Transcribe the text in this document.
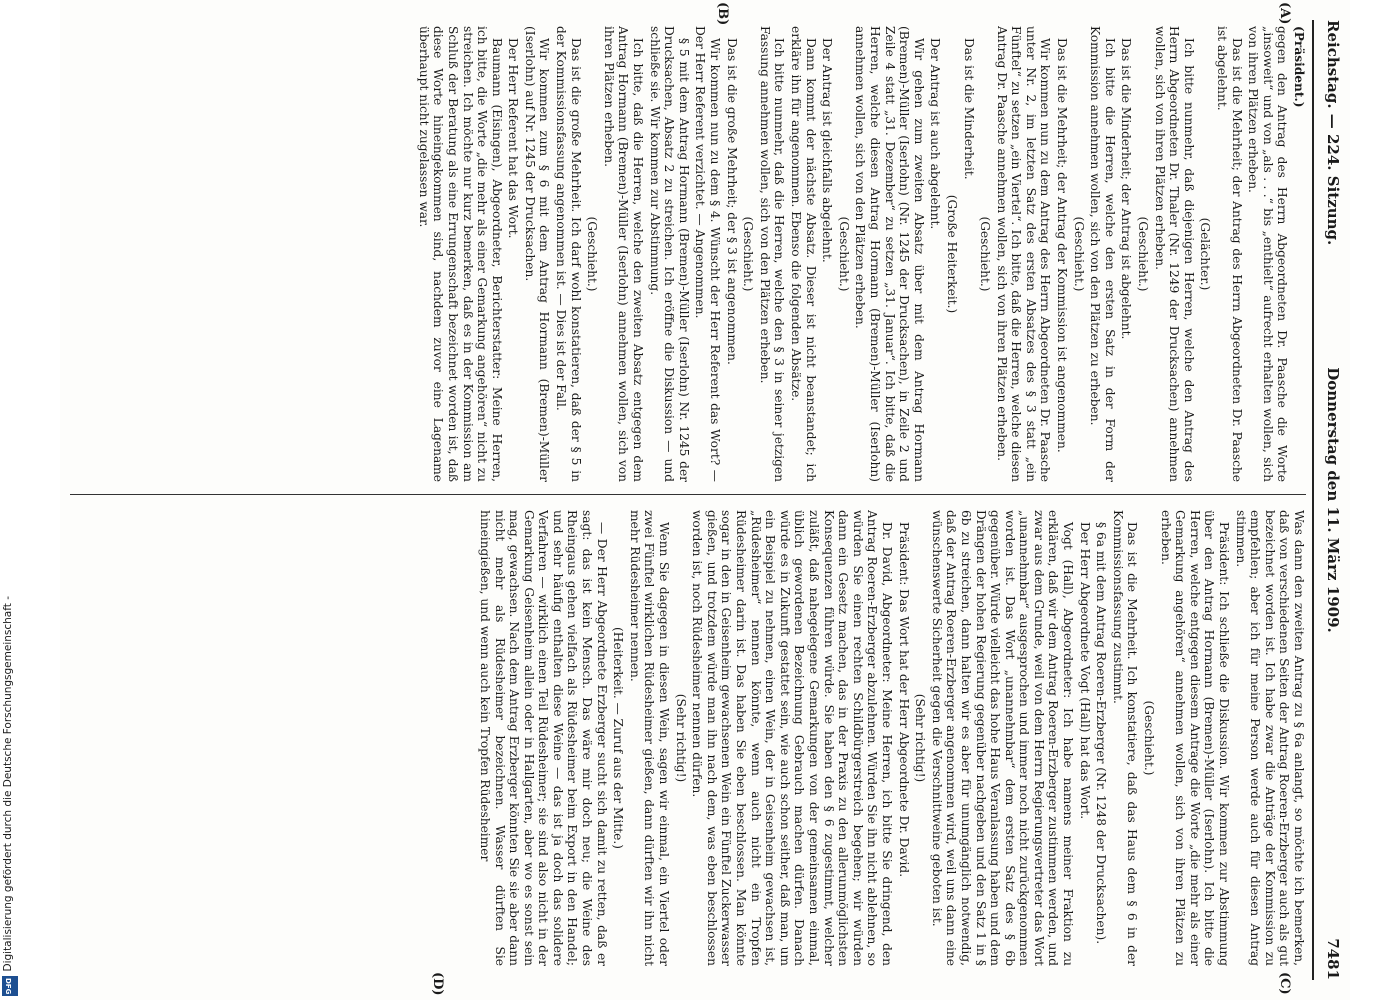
Reichstag. — 224. Sitzung.
Donnerstag den 11. März 1909.
7481
(A)
(B)
(C)
(D)

(Präsident.)

gegen den Antrag des Herrn Abgeordneten Dr. Paasche die Worte „insoweit“ und von „als . . .“ bis „enthielt“ aufrecht erhalten wollen, sich von ihren Plätzen erheben.

Das ist die Mehrheit; der Antrag des Herrn Abgeordneten Dr. Paasche ist abgelehnt.

(Gelächter.)

Ich bitte nunmehr, daß diejenigen Herren, welche den Antrag des Herrn Abgeordneten Dr. Thaler (Nr. 1249 der Drucksachen) annehmen wollen, sich von ihren Plätzen erheben.

(Geschieht.)

Das ist die Minderheit; der Antrag ist abgelehnt.

Ich bitte die Herren, welche den ersten Satz in der Form der Kommission annehmen wollen, sich von den Plätzen zu erheben.

(Geschieht.)

Das ist die Mehrheit; der Antrag der Kommission ist angenommen.

Wir kommen nun zu dem Antrag des Herrn Abgeordneten Dr. Paasche unter Nr. 2, im letzten Satz des ersten Absatzes des § 3 statt „ein Fünftel“ zu setzen „ein Viertel“. Ich bitte, daß die Herren, welche diesen Antrag Dr. Paasche annehmen wollen, sich von ihren Plätzen erheben.

(Geschieht.)

Das ist die Minderheit.

(Große Heiterkeit.)

Der Antrag ist auch abgelehnt.

Wir gehen zum zweiten Absatz über mit dem Antrag Hormann (Bremen)-Müller (Iserlohn) (Nr. 1245 der Drucksachen), in Zeile 2 und Zeile 4 statt „31. Dezember“ zu setzen „31. Januar“. Ich bitte, daß die Herren, welche diesen Antrag Hormann (Bremen)-Müller (Iserlohn) annehmen wollen, sich von den Plätzen erheben.

(Geschieht.)

Der Antrag ist gleichfalls abgelehnt.

Dann kommt der nächste Absatz. Dieser ist nicht beanstandet; ich erkläre ihn für angenommen. Ebenso die folgenden Absätze.

Ich bitte nunmehr, daß die Herren, welche den § 3 in seiner jetzigen Fassung annehmen wollen, sich von den Plätzen erheben.

(Geschieht.)

Das ist die große Mehrheit; der § 3 ist angenommen.

Wir kommen nun zu dem § 4. Wünscht der Herr Referent das Wort? — Der Herr Referent verzichtet. — Angenommen.

§ 5 mit dem Antrag Hormann (Bremen)-Müller (Iserlohn) Nr. 1245 der Drucksachen, Absatz 2 zu streichen. Ich eröffne die Diskussion — und schließe sie. Wir kommen zur Abstimmung.

Ich bitte, daß die Herren, welche den zweiten Absatz entgegen dem Antrag Hormann (Bremen)-Müller (Iserlohn) annehmen wollen, sich von ihren Plätzen erheben.

(Geschieht.)

Das ist die große Mehrheit. Ich darf wohl konstatieren, daß der § 5 in der Kommissionsfassung angenommen ist. — Dies ist der Fall.

Wir kommen zum § 6 mit dem Antrag Hormann (Bremen)-Müller (Iserlohn) auf Nr. 1245 der Drucksachen.

Der Herr Referent hat das Wort.

Baumann (Eisingen), Abgeordneter, Berichterstatter: Meine Herren, ich bitte, die Worte „die mehr als einer Gemarkung angehören“ nicht zu streichen. Ich möchte nur kurz bemerken, daß es in der Kommission am Schluß der Beratung als eine Errungenschaft bezeichnet worden ist, daß diese Worte hineingekommen sind, nachdem zuvor eine Lagename überhaupt nicht zugelassen war.

Was dann den zweiten Antrag zu § 6a anlangt, so möchte ich bemerken, daß von verschiedenen Seiten der Antrag Roeren-Erzberger auch als gut bezeichnet worden ist. Ich habe zwar die Anträge der Kommission zu empfehlen; aber ich für meine Person werde auch für diesen Antrag stimmen.

Präsident: Ich schließe die Diskussion. Wir kommen zur Abstimmung über den Antrag Hormann (Bremen)-Müller (Iserlohn). Ich bitte die Herren, welche entgegen diesem Antrage die Worte „die mehr als einer Gemarkung angehören“ annehmen wollen, sich von ihren Plätzen zu erheben.

(Geschieht.)

Das ist die Mehrheit. Ich konstatiere, daß das Haus dem § 6 in der Kommissionsfassung zustimmt.

§ 6a mit dem Antrag Roeren-Erzberger (Nr. 1248 der Drucksachen).

Der Herr Abgeordnete Vogt (Hall) hat das Wort.

Vogt (Hall), Abgeordneter: Ich habe namens meiner Fraktion zu erklären, daß wir dem Antrag Roeren-Erzberger zustimmen werden, und zwar aus dem Grunde, weil von dem Herrn Regierungsvertreter das Wort „unannehmbar“ ausgesprochen und immer noch nicht zurückgenommen worden ist. Das Wort „unannehmbar“ dem ersten Satz des § 6b gegenüber. Würde vielleicht das hohe Haus Veranlassung haben und dem Drängen der hohen Regierung gegenüber nachgeben und den Satz 1 in § 6b zu streichen, dann halten wir es aber für unumgänglich notwendig, daß der Antrag Roeren-Erzberger angenommen wird, weil uns dann eine wünschenswerte Sicherheit gegen die Verschnittweine geboten ist.

(Sehr richtig!)

Präsident: Das Wort hat der Herr Abgeordnete Dr. David.

Dr. David, Abgeordneter: Meine Herren, ich bitte Sie dringend, den Antrag Roeren-Erzberger abzulehnen. Würden Sie ihn nicht ablehnen, so würden Sie einen rechten Schildbürgerstreich begehen; wir würden dann ein Gesetz machen, das in der Praxis zu den allerunmöglichsten Konsequenzen führen würde. Sie haben den § 6 zugestimmt, welcher zuläßt, daß nahegelegene Gemarkungen von der gemeinsamen einmal, üblich gewordenen Bezeichnung Gebrauch machen dürfen. Danach würde es in Zukunft gestattet sein, wie auch schon seither, daß man, um ein Beispiel zu nehmen, einen Wein, der in Geisenheim gewachsen ist, „Rüdesheimer“ nennen könnte, wenn auch nicht ein Tropfen Rüdesheimer darin ist. Das haben Sie eben beschlossen. Man könnte sogar in den in Geisenheim gewachsenen Wein ein Fünftel Zuckerwasser gießen, und trotzdem würde man ihn nach dem, was eben beschlossen worden ist, noch Rüdesheimer nennen dürfen.

(Sehr richtig!)

Wenn Sie dagegen in diesen Wein, sagen wir einmal, ein Viertel oder zwei Fünftel wirklichen Rüdesheimer gießen, dann dürften wir ihn nicht mehr Rüdesheimer nennen.

(Heiterkeit. — Zuruf aus der Mitte.)

— Der Herr Abgeordnete Erzberger sucht sich damit zu retten, daß er sagt: das ist kein Mensch. Das wäre mir doch neu; die Weine des Rheingaus gehen vielfach als Rüdesheimer beim Export in den Handel; und sehr häufig enthalten diese Weine — das ist ja doch das solidere Verfahren — wirklich einen Teil Rüdesheimer; sie sind also nicht in der Gemarkung Geisenheim allein oder in Hallgarten, aber wo es sonst sein mag, gewachsen. Nach dem Antrag Erzberger könnten Sie sie aber dann nicht mehr als Rüdesheimer bezeichnen. Wasser dürften Sie hineingießen, und wenn auch kein Tropfen Rüdesheimer

Digitalisierung gefördert durch die Deutsche Forschungsgemeinschaft -
DFG
